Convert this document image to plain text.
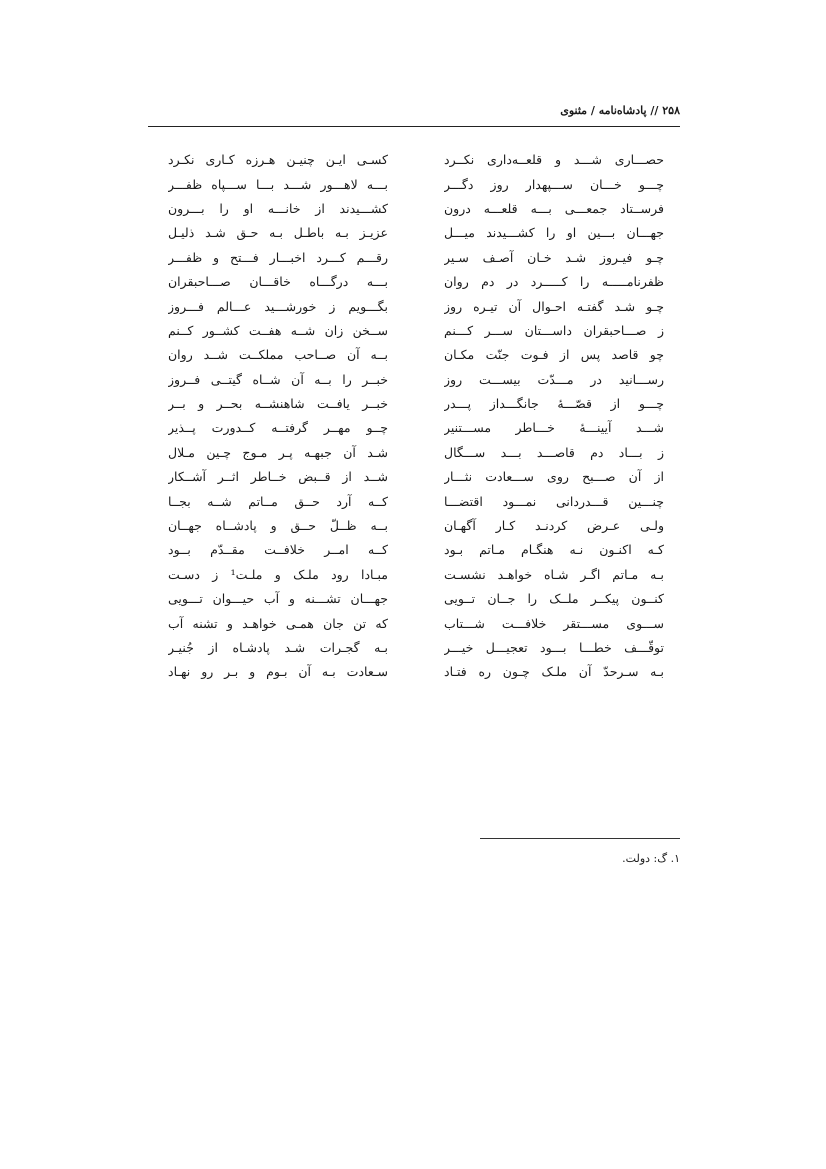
۲۵۸ // پادشاه‌نامه / مثنوی
حصـــاری شـــد و قلعــه‌داری نکــرد
کسـی ایـن چنیـن هـرزه کـاری نکـرد
چـــو خـــان ســـپهدار روز دگـــر
بـــه لاهـــور شـــد بـــا ســـپاه ظفـــر
فرســتاد جمعـــی بـــه قلعـــه درون
کشـــیدند از خانـــه او را بـــرون
جهـــان بـــین او را کشـــیدند میـــل
عزیـز بـه باطـل بـه حـق شـد ذلیـل
چـو فیـروز شـد خـان آصـف سـیر
رقـــم کـــرد اخبـــار فـــتح و ظفـــر
ظفرنامـــــه را کـــــرد در دم روان
بـــه درگـــاه خاقـــان صـــاحبقران
چـو شـد گفتـه احـوال آن تیـره روز
بگـــویم ز خورشـــید عـــالم فـــروز
ز صـــاحبقران داســـتان ســـر کـــنم
ســخن زان شــه هفــت کشــور کــنم
چو قاصد پس از فـوت جنّت مکـان
بــه آن صــاحب مملکــت شــد روان
رســـانید در مـــدّت بیســـت روز
خبــر را بــه آن شــاه گیتــی فــروز
چـــو از قصّـــهٔ جانگـــداز پـــدر
خبــر یافــت شاهنشــه بحــر و بــر
شـــد آیینـــهٔ خـــاطر مســـتنیر
چــو مهــر گرفتــه کــدورت پــذیر
ز بـــاد دم قاصـــد بـــد ســـگال
شـد آن جبهـه پـر مـوج چـین مـلال
از آن صـــبح روی ســـعادت نثـــار
شــد از قــبض خــاطر اثــر آشــکار
چنـــین قـــدردانی نمـــود اقتضـــا
کــه آرد حــق مــاتم شــه بجــا
ولـی عـرض کردنـد کـار آگهـان
بــه ظــلّ حــق و پادشــاه جهــان
کـه اکنـون نـه هنگـام مـاتم بـود
کــه امــر خلافــت مقــدّم بــود
بـه مـاتم اگـر شـاه خواهـد نشسـت
مبـادا رود ملـک و ملـت¹ ز دسـت
کنــون پیکــر ملــک را جــان تــویی
جهـــان تشـــنه و آب حیـــوان تـــویی
ســـوی مســـتقر خلافـــت شـــتاب
که تن جان همـی خواهـد و تشنه آب
توقّـــف خطـــا بـــود تعجیـــل خیـــر
بـه گجـرات شـد پادشـاه از جُنیـر
بـه سـرحدّ آن ملـک چـون ره فتـاد
سـعادت بـه آن بـوم و بـر رو نهـاد
۱. گ: دولت.
